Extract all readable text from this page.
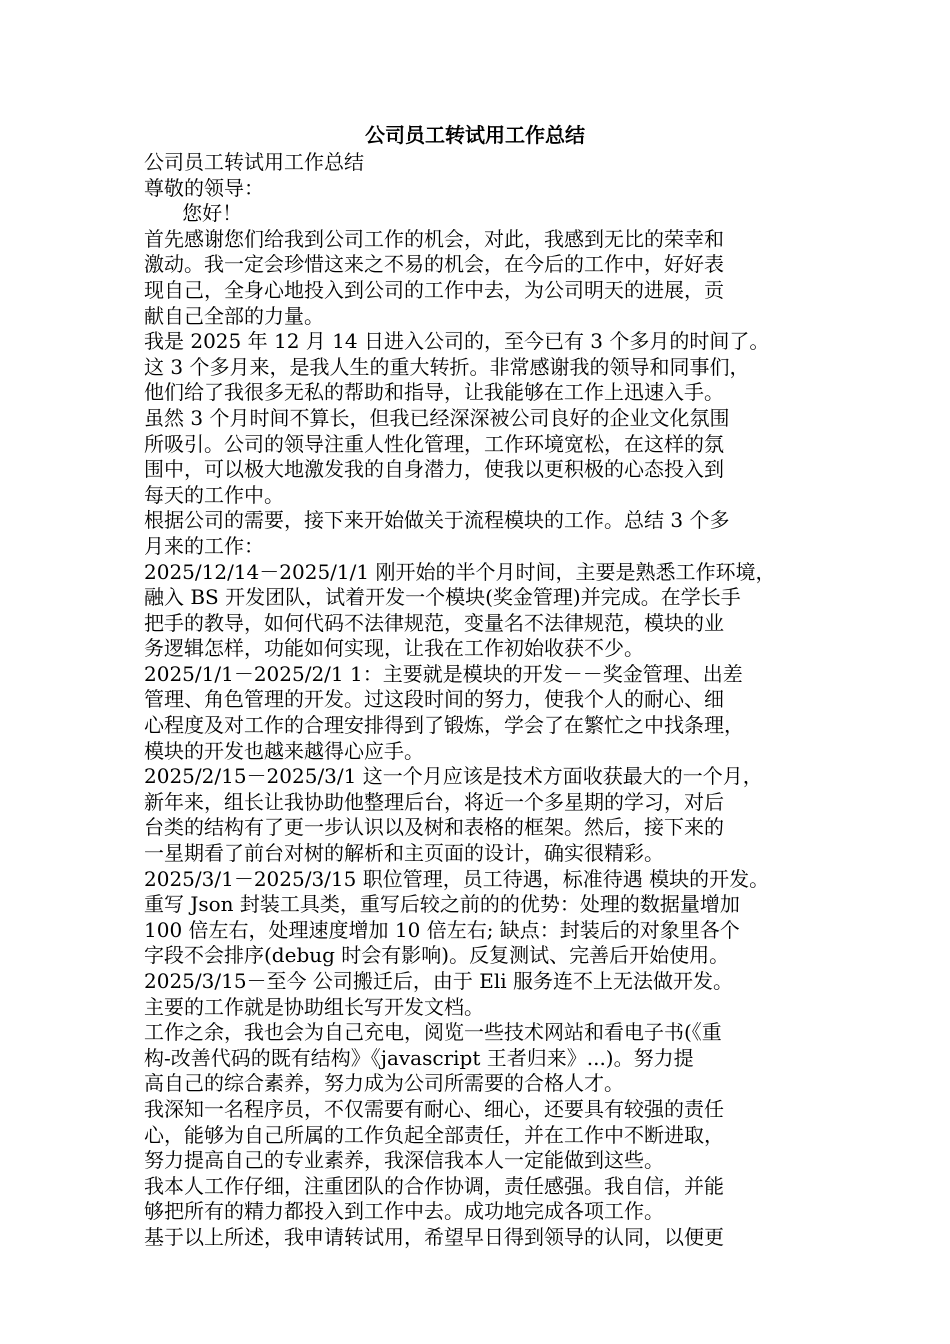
公司员工转试用工作总结
公司员工转试用工作总结
尊敬的领导：
您好！
首先感谢您们给我到公司工作的机会，对此，我感到无比的荣幸和
激动。我一定会珍惜这来之不易的机会，在今后的工作中，好好表
现自己，全身心地投入到公司的工作中去，为公司明天的进展，贡
献自己全部的力量。
我是 2025 年 12 月 14 日进入公司的，至今已有 3 个多月的时间了。
这 3 个多月来，是我人生的重大转折。非常感谢我的领导和同事们，
他们给了我很多无私的帮助和指导，让我能够在工作上迅速入手。
虽然 3 个月时间不算长，但我已经深深被公司良好的企业文化氛围
所吸引。公司的领导注重人性化管理，工作环境宽松，在这样的氛
围中，可以极大地激发我的自身潜力，使我以更积极的心态投入到
每天的工作中。
根据公司的需要，接下来开始做关于流程模块的工作。总结 3 个多
月来的工作：
2025/12/14－2025/1/1 刚开始的半个月时间，主要是熟悉工作环境，
融入 BS 开发团队，试着开发一个模块(奖金管理)并完成。在学长手
把手的教导，如何代码不法律规范，变量名不法律规范，模块的业
务逻辑怎样，功能如何实现，让我在工作初始收获不少。
2025/1/1－2025/2/1 1：主要就是模块的开发－－奖金管理、出差
管理、角色管理的开发。过这段时间的努力，使我个人的耐心、细
心程度及对工作的合理安排得到了锻炼，学会了在繁忙之中找条理，
模块的开发也越来越得心应手。
2025/2/15－2025/3/1 这一个月应该是技术方面收获最大的一个月，
新年来，组长让我协助他整理后台，将近一个多星期的学习，对后
台类的结构有了更一步认识以及树和表格的框架。然后，接下来的
一星期看了前台对树的解析和主页面的设计，确实很精彩。
2025/3/1－2025/3/15 职位管理，员工待遇，标准待遇 模块的开发。
重写 Json 封装工具类，重写后较之前的的优势：处理的数据量增加
100 倍左右，处理速度增加 10 倍左右; 缺点：封装后的对象里各个
字段不会排序(debug 时会有影响)。反复测试、完善后开始使用。
2025/3/15－至今 公司搬迁后，由于 Eli 服务连不上无法做开发。
主要的工作就是协助组长写开发文档。
工作之余，我也会为自己充电，阅览一些技术网站和看电子书(《重
构-改善代码的既有结构》《javascript 王者归来》...)。努力提
高自己的综合素养，努力成为公司所需要的合格人才。
我深知一名程序员，不仅需要有耐心、细心，还要具有较强的责任
心，能够为自己所属的工作负起全部责任，并在工作中不断进取，
努力提高自己的专业素养，我深信我本人一定能做到这些。
我本人工作仔细，注重团队的合作协调，责任感强。我自信，并能
够把所有的精力都投入到工作中去。成功地完成各项工作。
基于以上所述，我申请转试用，希望早日得到领导的认同，以便更
